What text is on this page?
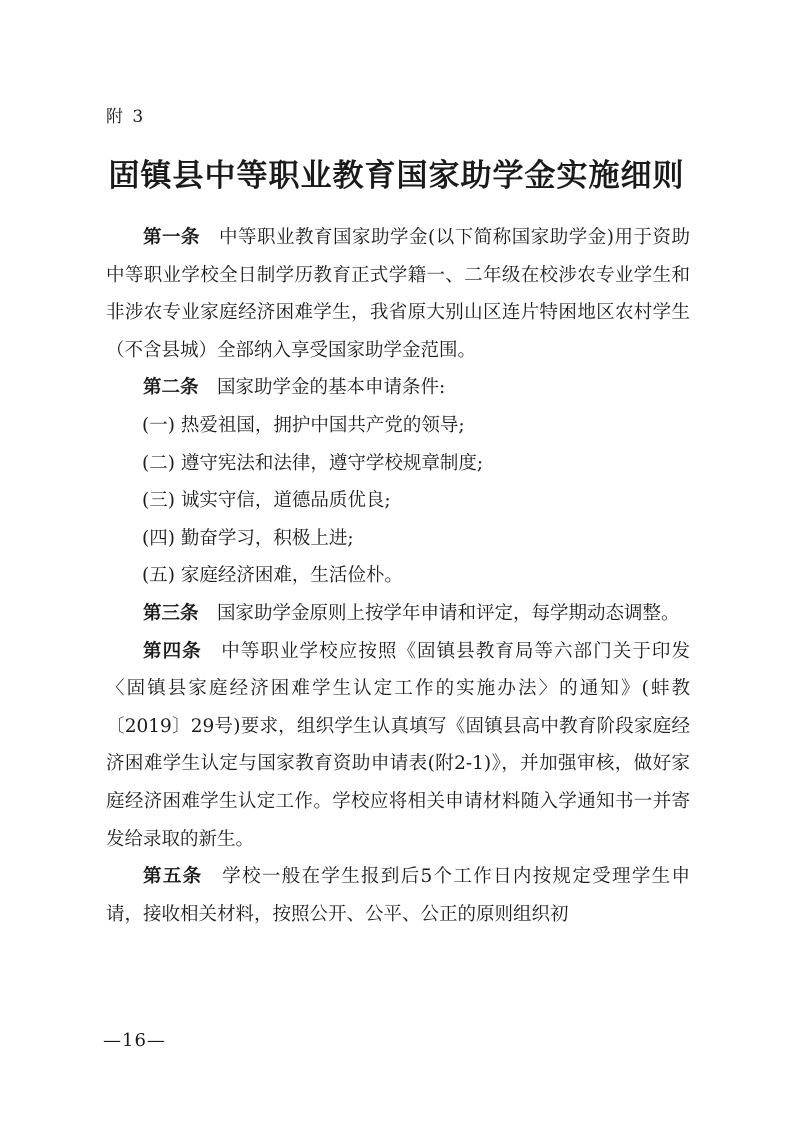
附 3
固镇县中等职业教育国家助学金实施细则

第一条  中等职业教育国家助学金(以下简称国家助学金)用于资助中等职业学校全日制学历教育正式学籍一、二年级在校涉农专业学生和非涉农专业家庭经济困难学生，我省原大别山区连片特困地区农村学生（不含县城）全部纳入享受国家助学金范围。

第二条  国家助学金的基本申请条件:

(一) 热爱祖国，拥护中国共产党的领导;

(二) 遵守宪法和法律，遵守学校规章制度;

(三) 诚实守信，道德品质优良;

(四) 勤奋学习，积极上进;

(五) 家庭经济困难，生活俭朴。

第三条  国家助学金原则上按学年申请和评定，每学期动态调整。

第四条  中等职业学校应按照《固镇县教育局等六部门关于印发〈固镇县家庭经济困难学生认定工作的实施办法〉的通知》(蚌教〔2019〕29号)要求，组织学生认真填写《固镇县高中教育阶段家庭经济困难学生认定与国家教育资助申请表(附2-1)》，并加强审核，做好家庭经济困难学生认定工作。学校应将相关申请材料随入学通知书一并寄发给录取的新生。

第五条  学校一般在学生报到后5个工作日内按规定受理学生申请，接收相关材料，按照公开、公平、公正的原则组织初

—16—
